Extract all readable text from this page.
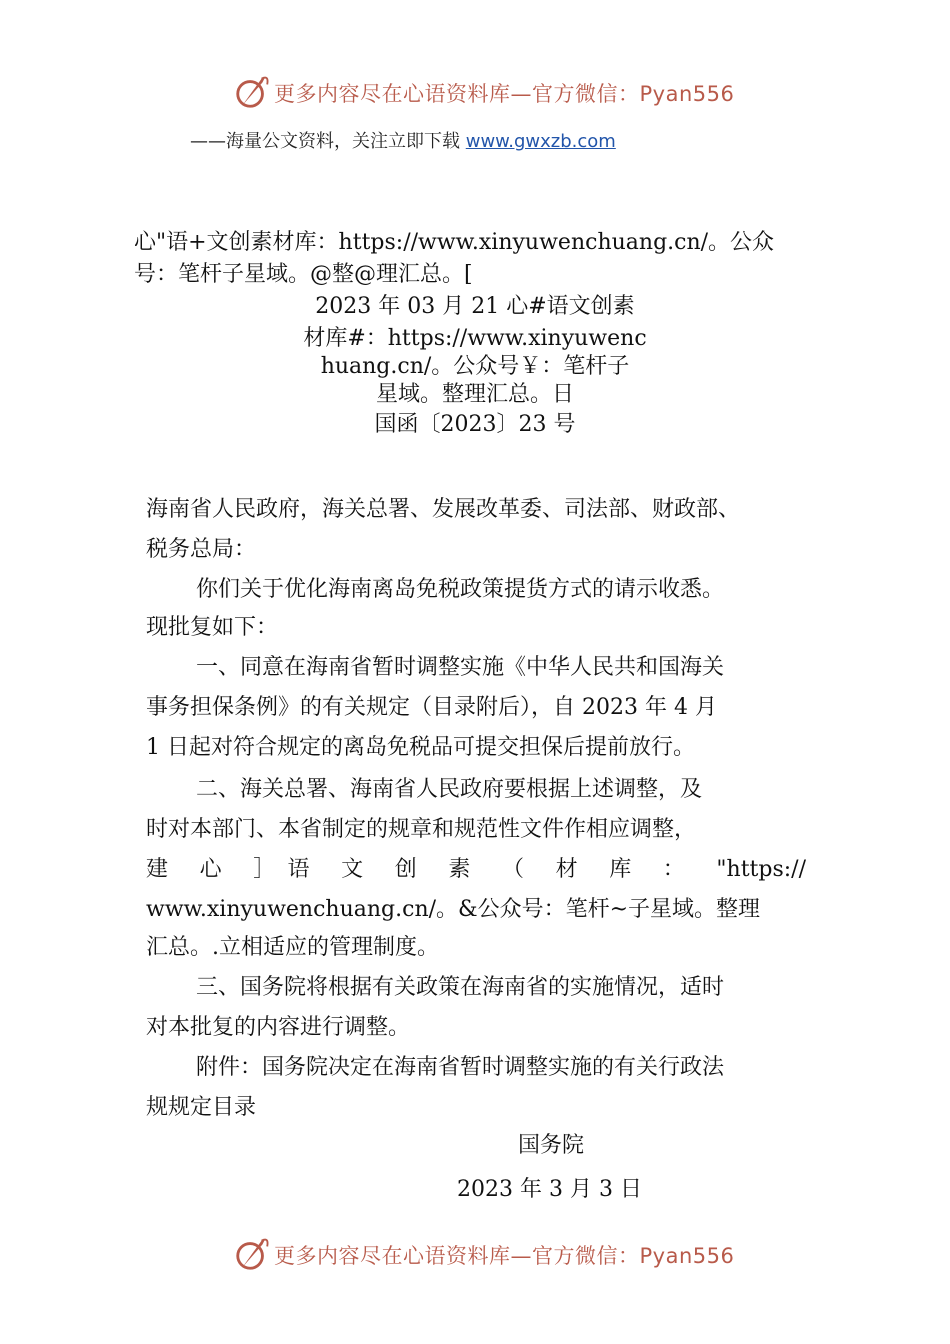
更多内容尽在心语资料库—官方微信：Pyan556
——海量公文资料，关注立即下载 www.gwxzb.com
心"语+文创素材库：https://www.xinyuwenchuang.cn/。公众
号：笔杆子星域。@整@理汇总。[
2023 年 03 月 21 心#语文创素
材库#：https://www.xinyuwenc
huang.cn/。公众号￥：笔杆子
星域。整理汇总。日
国函〔2023〕23 号
海南省人民政府，海关总署、发展改革委、司法部、财政部、
税务总局：
你们关于优化海南离岛免税政策提货方式的请示收悉。
现批复如下：
一、同意在海南省暂时调整实施《中华人民共和国海关
事务担保条例》的有关规定（目录附后），自 2023 年 4 月
1 日起对符合规定的离岛免税品可提交担保后提前放行。
二、海关总署、海南省人民政府要根据上述调整，及
时对本部门、本省制定的规章和规范性文件作相应调整，
建 心 ］语 文 创 素 （ 材 库 ： "https://
www.xinyuwenchuang.cn/。&公众号：笔杆~子星域。整理
汇总。.立相适应的管理制度。
三、国务院将根据有关政策在海南省的实施情况，适时
对本批复的内容进行调整。
附件：国务院决定在海南省暂时调整实施的有关行政法
规规定目录
国务院
2023 年 3 月 3 日
更多内容尽在心语资料库—官方微信：Pyan556
